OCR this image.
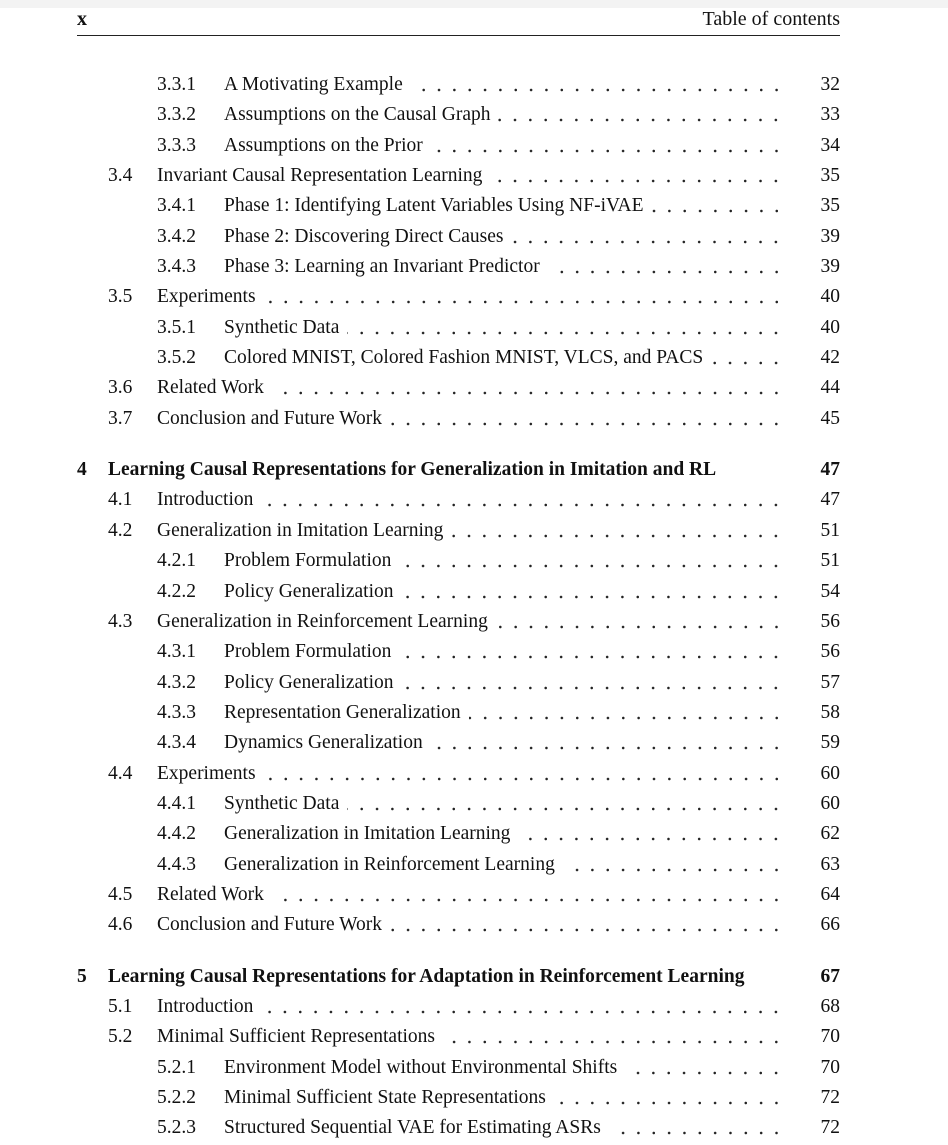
x	Table of contents
3.3.1	A Motivating Example	32
3.3.2	Assumptions on the Causal Graph	33
3.3.3	Assumptions on the Prior	34
3.4	Invariant Causal Representation Learning	35
3.4.1	Phase 1: Identifying Latent Variables Using NF-iVAE	35
3.4.2	Phase 2: Discovering Direct Causes	39
3.4.3	Phase 3: Learning an Invariant Predictor	39
3.5	Experiments	40
3.5.1	Synthetic Data	40
3.5.2	Colored MNIST, Colored Fashion MNIST, VLCS, and PACS	42
3.6	Related Work	44
3.7	Conclusion and Future Work	45
4	Learning Causal Representations for Generalization in Imitation and RL	47
4.1	Introduction	47
4.2	Generalization in Imitation Learning	51
4.2.1	Problem Formulation	51
4.2.2	Policy Generalization	54
4.3	Generalization in Reinforcement Learning	56
4.3.1	Problem Formulation	56
4.3.2	Policy Generalization	57
4.3.3	Representation Generalization	58
4.3.4	Dynamics Generalization	59
4.4	Experiments	60
4.4.1	Synthetic Data	60
4.4.2	Generalization in Imitation Learning	62
4.4.3	Generalization in Reinforcement Learning	63
4.5	Related Work	64
4.6	Conclusion and Future Work	66
5	Learning Causal Representations for Adaptation in Reinforcement Learning	67
5.1	Introduction	68
5.2	Minimal Sufficient Representations	70
5.2.1	Environment Model without Environmental Shifts	70
5.2.2	Minimal Sufficient State Representations	72
5.2.3	Structured Sequential VAE for Estimating ASRs	72
